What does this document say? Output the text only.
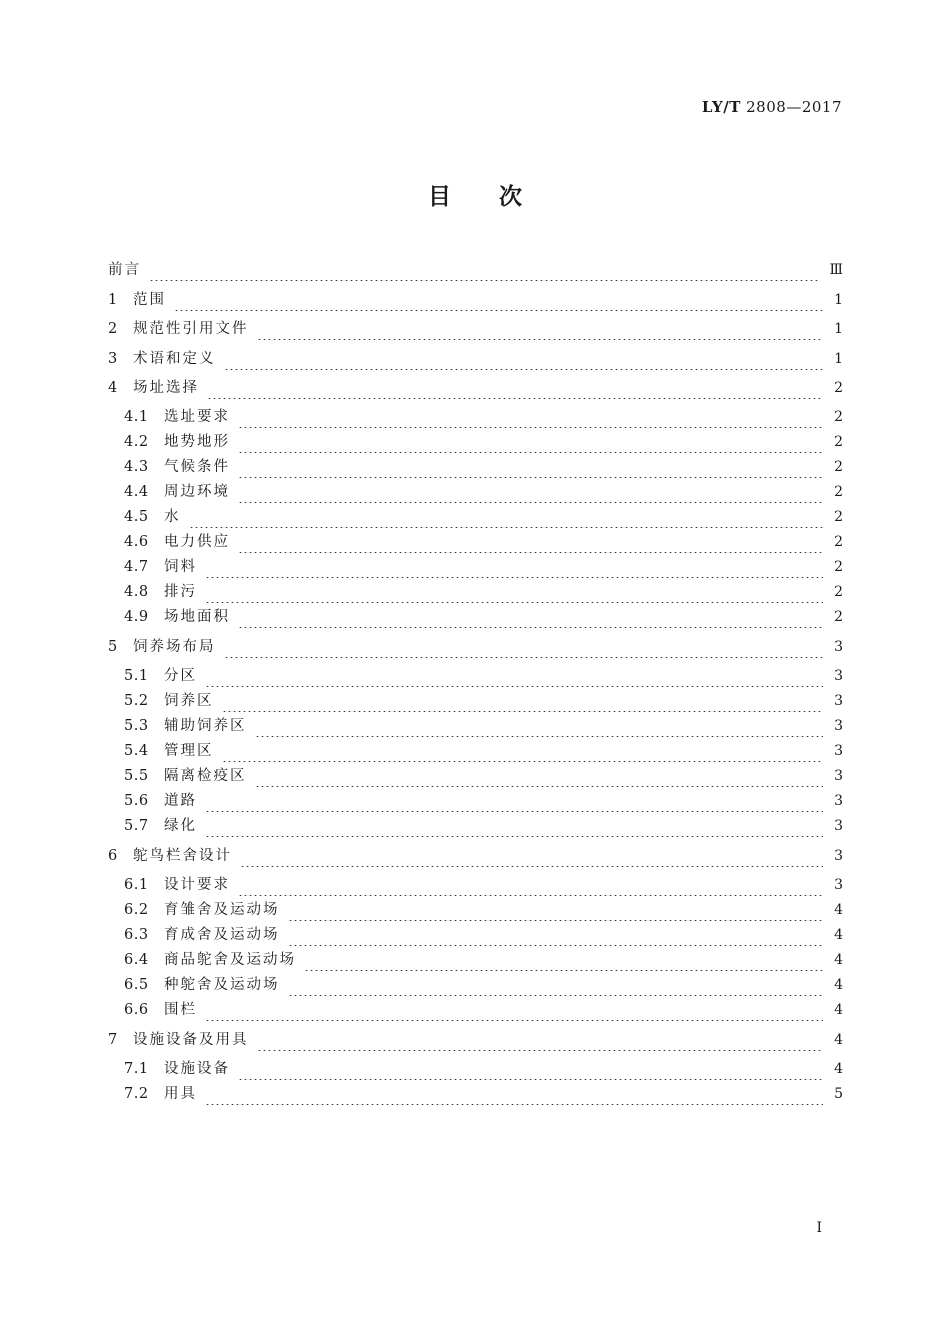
LY/T 2808—2017
目次
前言	Ⅲ
1	范围	1
2	规范性引用文件	1
3	术语和定义	1
4	场址选择	2
4.1	选址要求	2
4.2	地势地形	2
4.3	气候条件	2
4.4	周边环境	2
4.5	水	2
4.6	电力供应	2
4.7	饲料	2
4.8	排污	2
4.9	场地面积	2
5	饲养场布局	3
5.1	分区	3
5.2	饲养区	3
5.3	辅助饲养区	3
5.4	管理区	3
5.5	隔离检疫区	3
5.6	道路	3
5.7	绿化	3
6	鸵鸟栏舍设计	3
6.1	设计要求	3
6.2	育雏舍及运动场	4
6.3	育成舍及运动场	4
6.4	商品鸵舍及运动场	4
6.5	种鸵舍及运动场	4
6.6	围栏	4
7	设施设备及用具	4
7.1	设施设备	4
7.2	用具	5
I
